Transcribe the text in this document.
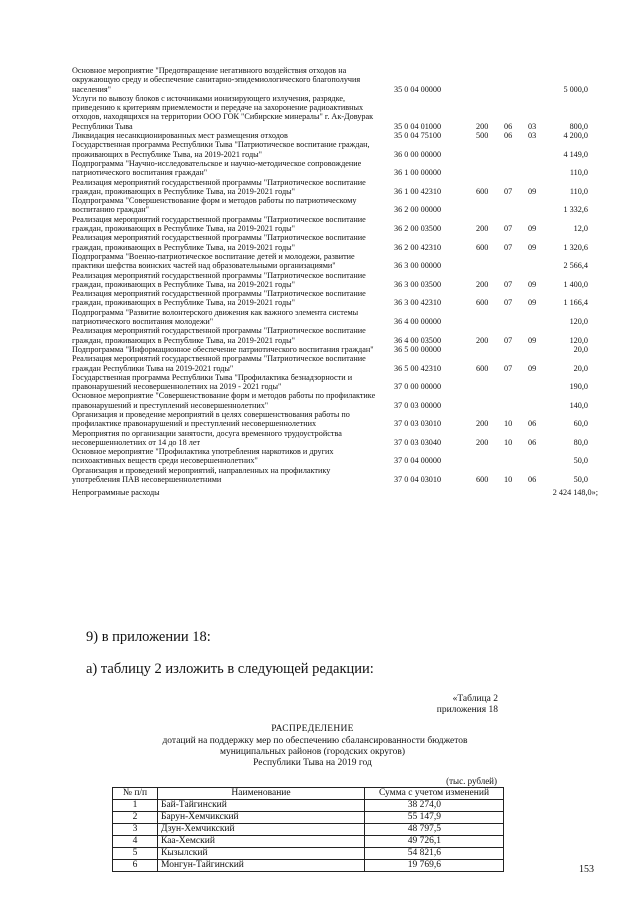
Основное мероприятие "Предотвращение негативного воздействия отходов на окружающую среду и обеспечение санитарно-эпидемиологического благополучия населения"	35 0 04 00000	5 000,0
Услуги по вывозу блоков с источниками ионизирующего излучения, разрядке, приведению к критериям приемлемости и передаче на захоронение радиоактивных отходов, находящихся на территории ООО ГОК "Сибирские минералы" г. Ак-Довурак Республики Тыва	35 0 04 01000	200 06 03	800,0
Ликвидация несанкционированных мест размещения отходов	35 0 04 75100	500 06 03	4 200,0
Государственная программа Республики Тыва "Патриотическое воспитание граждан, проживающих в Республике Тыва, на 2019-2021 годы"	36 0 00 00000	4 149,0
Подпрограмма "Научно-исследовательское и научно-методическое сопровождение патриотического воспитания граждан"	36 1 00 00000	110,0
Реализация мероприятий государственной программы "Патриотическое воспитание граждан, проживающих в Республике Тыва, на 2019-2021 годы"	36 1 00 42310	600 07 09	110,0
Подпрограмма "Совершенствование форм и методов работы по патриотическому воспитанию граждан"	36 2 00 00000	1 332,6
Реализация мероприятий государственной программы "Патриотическое воспитание граждан, проживающих в Республике Тыва, на 2019-2021 годы"	36 2 00 03500	200 07 09	12,0
Реализация мероприятий государственной программы "Патриотическое воспитание граждан, проживающих в Республике Тыва, на 2019-2021 годы"	36 2 00 42310	600 07 09	1 320,6
Подпрограмма "Военно-патриотическое воспитание детей и молодежи, развитие практики шефства воинских частей над образовательными организациями"	36 3 00 00000	2 566,4
Реализация мероприятий государственной программы "Патриотическое воспитание граждан, проживающих в Республике Тыва, на 2019-2021 годы"	36 3 00 03500	200 07 09	1 400,0
Реализация мероприятий государственной программы "Патриотическое воспитание граждан, проживающих в Республике Тыва, на 2019-2021 годы"	36 3 00 42310	600 07 09	1 166,4
Подпрограмма "Развитие волонтерского движения как важного элемента системы патриотического воспитания молодежи"	36 4 00 00000	120,0
Реализация мероприятий государственной программы "Патриотическое воспитание граждан, проживающих в Республике Тыва, на 2019-2021 годы"	36 4 00 03500	200 07 09	120,0
Подпрограмма "Информационное обеспечение патриотического воспитания граждан"	36 5 00 00000	20,0
Реализация мероприятий государственной программы "Патриотическое воспитание граждан Республики Тыва на 2019-2021 годы"	36 5 00 42310	600 07 09	20,0
Государственная программа Республики Тыва "Профилактика безнадзорности и правонарушений несовершеннолетних на 2019 - 2021 годы"	37 0 00 00000	190,0
Основное мероприятие "Совершенствование форм и методов работы по профилактике правонарушений и преступлений несовершеннолетних"	37 0 03 00000	140,0
Организация и проведение мероприятий в целях совершенствования работы по профилактике правонарушений и преступлений несовершеннолетних	37 0 03 03010	200 10 06	60,0
Мероприятия по организации занятости, досуга временного трудоустройства несовершеннолетних от 14 до 18 лет	37 0 03 03040	200 10 06	80,0
Основное мероприятие "Профилактика употребления наркотиков и других психоактивных веществ среди несовершеннолетних"	37 0 04 00000	50,0
Организация и проведений мероприятий, направленных на профилактику употребления ПАВ несовершеннолетними	37 0 04 03010	600 10 06	50,0
Непрограммные расходы	2 424 148,0»;
9) в приложении 18:
а) таблицу 2 изложить в следующей редакции:
«Таблица 2
приложения 18
РАСПРЕДЕЛЕНИЕ
дотаций на поддержку мер по обеспечению сбалансированности бюджетов
муниципальных районов (городских округов)
Республики Тыва на 2019 год
(тыс. рублей)
№ п/п	Наименование	Сумма с учетом изменений
1	Бай-Тайгинский	38 274,0
2	Барун-Хемчикский	55 147,9
3	Дзун-Хемчикский	48 797,5
4	Каа-Хемский	49 726,1
5	Кызылский	54 821,6
6	Монгун-Тайгинский	19 769,6	153
